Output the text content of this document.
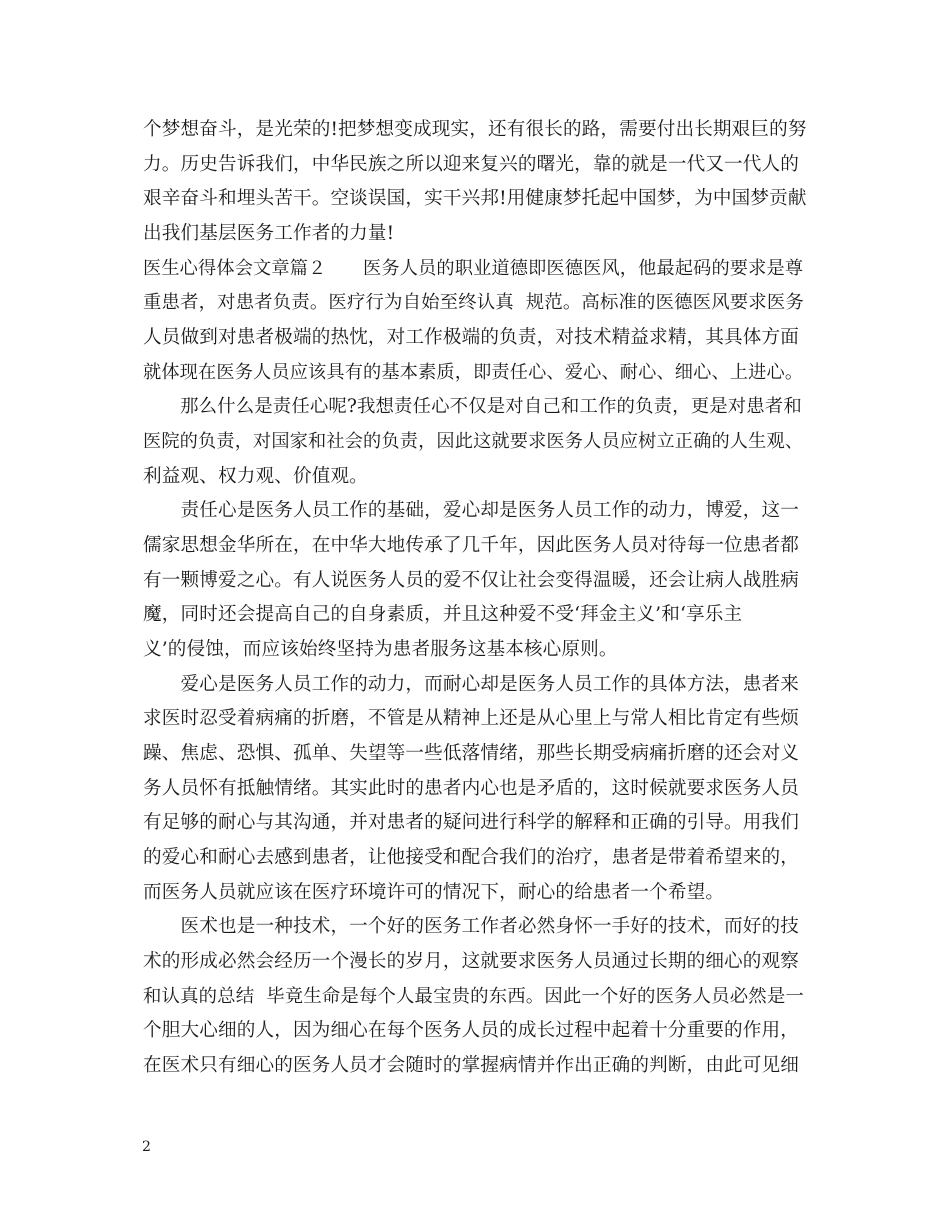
个梦想奋斗，是光荣的!把梦想变成现实，还有很长的路，需要付出长期艰巨的努
力。历史告诉我们，中华民族之所以迎来复兴的曙光，靠的就是一代又一代人的
艰辛奋斗和埋头苦干。空谈误国，实干兴邦!用健康梦托起中国梦，为中国梦贡献
出我们基层医务工作者的力量!
医生心得体会文章篇２　　医务人员的职业道德即医德医风，他最起码的要求是尊
重患者，对患者负责。医疗行为自始至终认真  规范。高标准的医德医风要求医务
人员做到对患者极端的热忱，对工作极端的负责，对技术精益求精，其具体方面
就体现在医务人员应该具有的基本素质，即责任心、爱心、耐心、细心、上进心。
　　那么什么是责任心呢?我想责任心不仅是对自己和工作的负责，更是对患者和
医院的负责，对国家和社会的负责，因此这就要求医务人员应树立正确的人生观、
利益观、权力观、价值观。
　　责任心是医务人员工作的基础，爱心却是医务人员工作的动力，博爱，这一
儒家思想金华所在，在中华大地传承了几千年，因此医务人员对待每一位患者都
有一颗博爱之心。有人说医务人员的爱不仅让社会变得温暖，还会让病人战胜病
魔，同时还会提高自己的自身素质，并且这种爱不受‘拜金主义’和‘享乐主
义’的侵蚀，而应该始终坚持为患者服务这基本核心原则。
　　爱心是医务人员工作的动力，而耐心却是医务人员工作的具体方法，患者来
求医时忍受着病痛的折磨，不管是从精神上还是从心里上与常人相比肯定有些烦
躁、焦虑、恐惧、孤单、失望等一些低落情绪，那些长期受病痛折磨的还会对义
务人员怀有抵触情绪。其实此时的患者内心也是矛盾的，这时候就要求医务人员
有足够的耐心与其沟通，并对患者的疑问进行科学的解释和正确的引导。用我们
的爱心和耐心去感到患者，让他接受和配合我们的治疗，患者是带着希望来的，
而医务人员就应该在医疗环境许可的情况下，耐心的给患者一个希望。
　　医术也是一种技术，一个好的医务工作者必然身怀一手好的技术，而好的技
术的形成必然会经历一个漫长的岁月，这就要求医务人员通过长期的细心的观察
和认真的总结  毕竟生命是每个人最宝贵的东西。因此一个好的医务人员必然是一
个胆大心细的人，因为细心在每个医务人员的成长过程中起着十分重要的作用，
在医术只有细心的医务人员才会随时的掌握病情并作出正确的判断，由此可见细
2
